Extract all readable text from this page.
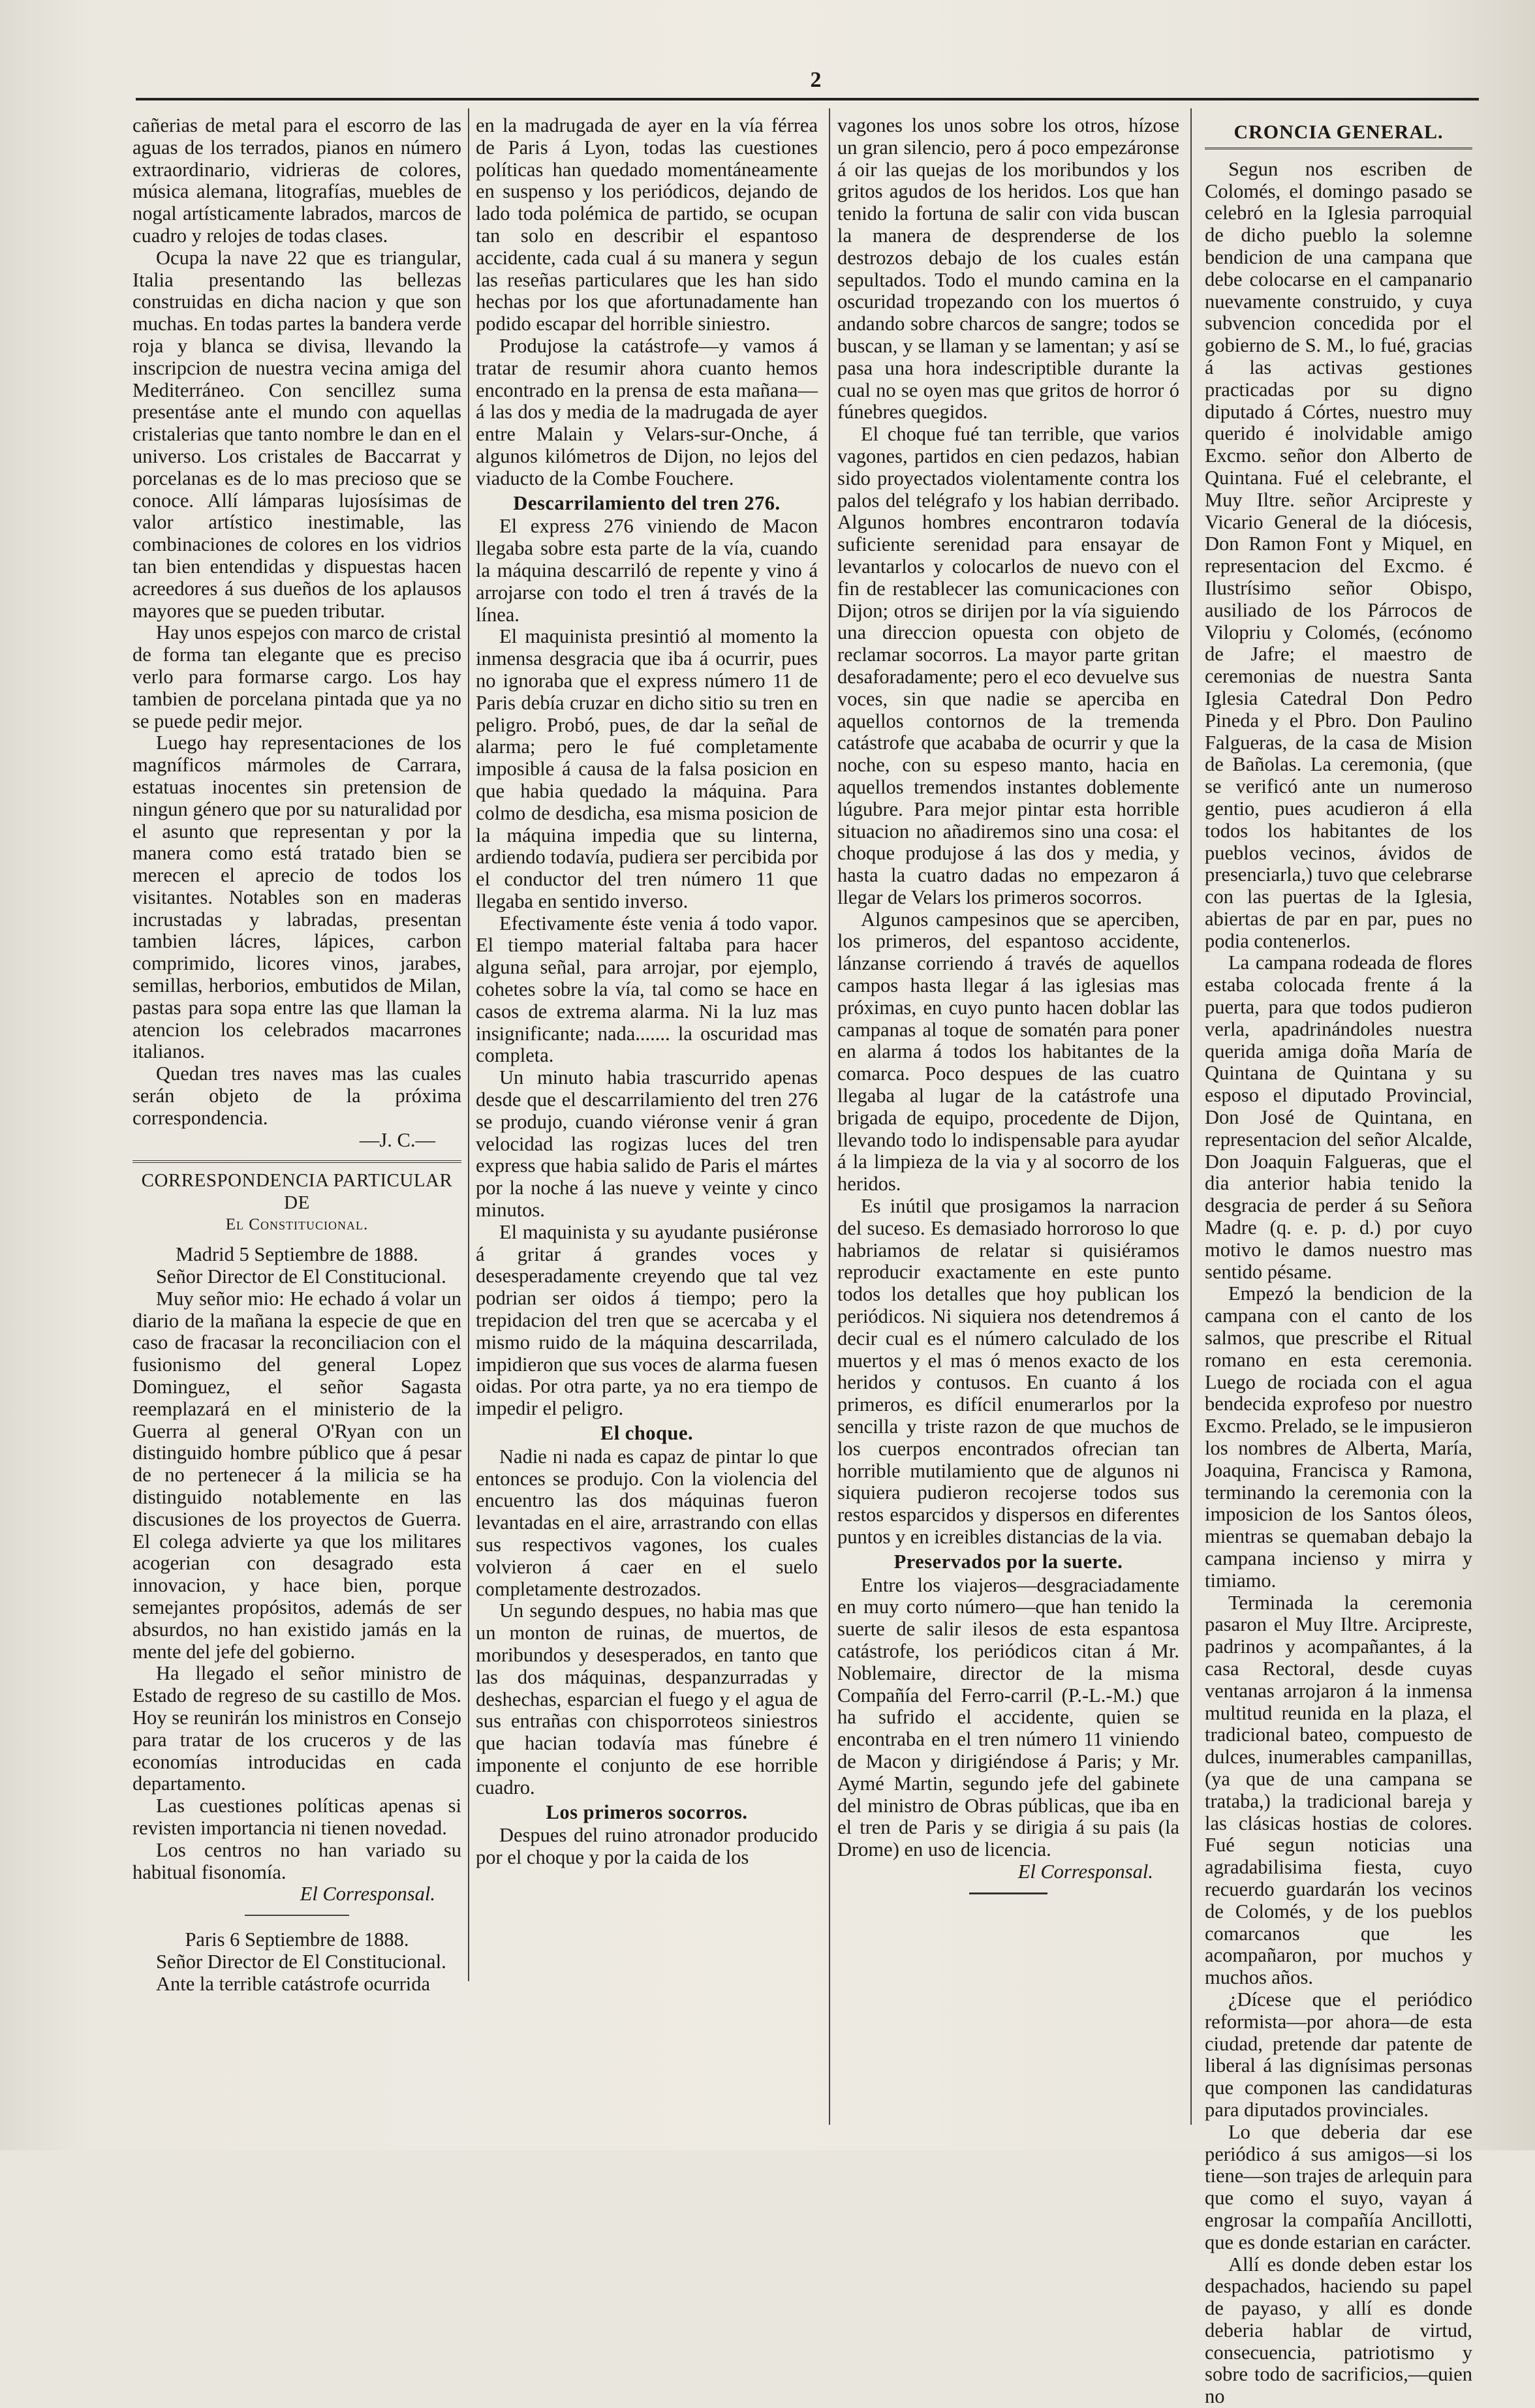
2

cañerias de metal para el escorro de las aguas de los terrados, pianos en número extraordinario, vidrieras de colores, música alemana, litografías, muebles de nogal artísticamente labrados, marcos de cuadro y relojes de todas clases.

Ocupa la nave 22 que es triangular, Italia presentando las bellezas construidas en dicha nacion y que son muchas. En todas partes la bandera verde roja y blanca se divisa, llevando la inscripcion de nuestra vecina amiga del Mediterráneo. Con sencillez suma presentáse ante el mundo con aquellas cristalerias que tanto nombre le dan en el universo. Los cristales de Baccarrat y porcelanas es de lo mas precioso que se conoce. Allí lámparas lujosísimas de valor artístico inestimable, las combinaciones de colores en los vidrios tan bien entendidas y dispuestas hacen acreedores á sus dueños de los aplausos mayores que se pueden tributar.

Hay unos espejos con marco de cristal de forma tan elegante que es preciso verlo para formarse cargo. Los hay tambien de porcelana pintada que ya no se puede pedir mejor.

Luego hay representaciones de los magníficos mármoles de Carrara, estatuas inocentes sin pretension de ningun género que por su naturalidad por el asunto que representan y por la manera como está tratado bien se merecen el aprecio de todos los visitantes. Notables son en maderas incrustadas y labradas, presentan tambien lácres, lápices, carbon comprimido, licores vinos, jarabes, semillas, herborios, embutidos de Milan, pastas para sopa entre las que llaman la atencion los celebrados macarrones italianos.

Quedan tres naves mas las cuales serán objeto de la próxima correspondencia.

—J. C.—

CORRESPONDENCIA PARTICULAR DE
El Constitucional.

Madrid 5 Septiembre de 1888.

Señor Director de El Constitucional.

Muy señor mio: He echado á volar un diario de la mañana la especie de que en caso de fracasar la reconciliacion con el fusionismo del general Lopez Dominguez, el señor Sagasta reemplazará en el ministerio de la Guerra al general O'Ryan con un distinguido hombre público que á pesar de no pertenecer á la milicia se ha distinguido notablemente en las discusiones de los proyectos de Guerra. El colega advierte ya que los militares acogerian con desagrado esta innovacion, y hace bien, porque semejantes propósitos, además de ser absurdos, no han existido jamás en la mente del jefe del gobierno.

Ha llegado el señor ministro de Estado de regreso de su castillo de Mos. Hoy se reunirán los ministros en Consejo para tratar de los cruceros y de las economías introducidas en cada departamento.

Las cuestiones políticas apenas si revisten importancia ni tienen novedad.

Los centros no han variado su habitual fisonomía.

El Corresponsal.

Paris 6 Septiembre de 1888.

Señor Director de El Constitucional.

Ante la terrible catástrofe ocurrida

en la madrugada de ayer en la vía férrea de Paris á Lyon, todas las cuestiones políticas han quedado momentáneamente en suspenso y los periódicos, dejando de lado toda polémica de partido, se ocupan tan solo en describir el espantoso accidente, cada cual á su manera y segun las reseñas particulares que les han sido hechas por los que afortunadamente han podido escapar del horrible siniestro.

Produjose la catástrofe—y vamos á tratar de resumir ahora cuanto hemos encontrado en la prensa de esta mañana—á las dos y media de la madrugada de ayer entre Malain y Velars-sur-Onche, á algunos kilómetros de Dijon, no lejos del viaducto de la Combe Fouchere.

Descarrilamiento del tren 276.

El express 276 viniendo de Macon llegaba sobre esta parte de la vía, cuando la máquina descarriló de repente y vino á arrojarse con todo el tren á través de la línea.

El maquinista presintió al momento la inmensa desgracia que iba á ocurrir, pues no ignoraba que el express número 11 de Paris debía cruzar en dicho sitio su tren en peligro. Probó, pues, de dar la señal de alarma; pero le fué completamente imposible á causa de la falsa posicion en que habia quedado la máquina. Para colmo de desdicha, esa misma posicion de la máquina impedia que su linterna, ardiendo todavía, pudiera ser percibida por el conductor del tren número 11 que llegaba en sentido inverso.

Efectivamente éste venia á todo vapor. El tiempo material faltaba para hacer alguna señal, para arrojar, por ejemplo, cohetes sobre la vía, tal como se hace en casos de extrema alarma. Ni la luz mas insignificante; nada....... la oscuridad mas completa.

Un minuto habia trascurrido apenas desde que el descarrilamiento del tren 276 se produjo, cuando viéronse venir á gran velocidad las rogizas luces del tren express que habia salido de Paris el mártes por la noche á las nueve y veinte y cinco minutos.

El maquinista y su ayudante pusiéronse á gritar á grandes voces y desesperadamente creyendo que tal vez podrian ser oidos á tiempo; pero la trepidacion del tren que se acercaba y el mismo ruido de la máquina descarrilada, impidieron que sus voces de alarma fuesen oidas. Por otra parte, ya no era tiempo de impedir el peligro.

El choque.

Nadie ni nada es capaz de pintar lo que entonces se produjo. Con la violencia del encuentro las dos máquinas fueron levantadas en el aire, arrastrando con ellas sus respectivos vagones, los cuales volvieron á caer en el suelo completamente destrozados.

Un segundo despues, no habia mas que un monton de ruinas, de muertos, de moribundos y desesperados, en tanto que las dos máquinas, despanzurradas y deshechas, esparcian el fuego y el agua de sus entrañas con chisporroteos siniestros que hacian todavía mas fúnebre é imponente el conjunto de ese horrible cuadro.

Los primeros socorros.

Despues del ruino atronador producido por el choque y por la caida de los

vagones los unos sobre los otros, hízose un gran silencio, pero á poco empezáronse á oir las quejas de los moribundos y los gritos agudos de los heridos. Los que han tenido la fortuna de salir con vida buscan la manera de desprenderse de los destrozos debajo de los cuales están sepultados. Todo el mundo camina en la oscuridad tropezando con los muertos ó andando sobre charcos de sangre; todos se buscan, y se llaman y se lamentan; y así se pasa una hora indescriptible durante la cual no se oyen mas que gritos de horror ó fúnebres quegidos.

El choque fué tan terrible, que varios vagones, partidos en cien pedazos, habian sido proyectados violentamente contra los palos del telégrafo y los habian derribado. Algunos hombres encontraron todavía suficiente serenidad para ensayar de levantarlos y colocarlos de nuevo con el fin de restablecer las comunicaciones con Dijon; otros se dirijen por la vía siguiendo una direccion opuesta con objeto de reclamar socorros. La mayor parte gritan desaforadamente; pero el eco devuelve sus voces, sin que nadie se aperciba en aquellos contornos de la tremenda catástrofe que acababa de ocurrir y que la noche, con su espeso manto, hacia en aquellos tremendos instantes doblemente lúgubre. Para mejor pintar esta horrible situacion no añadiremos sino una cosa: el choque produjose á las dos y media, y hasta la cuatro dadas no empezaron á llegar de Velars los primeros socorros.

Algunos campesinos que se aperciben, los primeros, del espantoso accidente, lánzanse corriendo á través de aquellos campos hasta llegar á las iglesias mas próximas, en cuyo punto hacen doblar las campanas al toque de somatén para poner en alarma á todos los habitantes de la comarca. Poco despues de las cuatro llegaba al lugar de la catástrofe una brigada de equipo, procedente de Dijon, llevando todo lo indispensable para ayudar á la limpieza de la via y al socorro de los heridos.

Es inútil que prosigamos la narracion del suceso. Es demasiado horroroso lo que habriamos de relatar si quisiéramos reproducir exactamente en este punto todos los detalles que hoy publican los periódicos. Ni siquiera nos detendremos á decir cual es el número calculado de los muertos y el mas ó menos exacto de los heridos y contusos. En cuanto á los primeros, es difícil enumerarlos por la sencilla y triste razon de que muchos de los cuerpos encontrados ofrecian tan horrible mutilamiento que de algunos ni siquiera pudieron recojerse todos sus restos esparcidos y dispersos en diferentes puntos y en icreibles distancias de la via.

Preservados por la suerte.

Entre los viajeros—desgraciadamente en muy corto número—que han tenido la suerte de salir ilesos de esta espantosa catástrofe, los periódicos citan á Mr. Noblemaire, director de la misma Compañía del Ferro-carril (P.-L.-M.) que ha sufrido el accidente, quien se encontraba en el tren número 11 viniendo de Macon y dirigiéndose á Paris; y Mr. Aymé Martin, segundo jefe del gabinete del ministro de Obras públicas, que iba en el tren de Paris y se dirigia á su pais (la Drome) en uso de licencia.

El Corresponsal.

CRONCIA GENERAL.

Segun nos escriben de Colomés, el domingo pasado se celebró en la Iglesia parroquial de dicho pueblo la solemne bendicion de una campana que debe colocarse en el campanario nuevamente construido, y cuya subvencion concedida por el gobierno de S. M., lo fué, gracias á las activas gestiones practicadas por su digno diputado á Córtes, nuestro muy querido é inolvidable amigo Excmo. señor don Alberto de Quintana. Fué el celebrante, el Muy Iltre. señor Arcipreste y Vicario General de la diócesis, Don Ramon Font y Miquel, en representacion del Excmo. é Ilustrísimo señor Obispo, ausiliado de los Párrocos de Vilopriu y Colomés, (ecónomo de Jafre; el maestro de ceremonias de nuestra Santa Iglesia Catedral Don Pedro Pineda y el Pbro. Don Paulino Falgueras, de la casa de Mision de Bañolas. La ceremonia, (que se verificó ante un numeroso gentio, pues acudieron á ella todos los habitantes de los pueblos vecinos, ávidos de presenciarla,) tuvo que celebrarse con las puertas de la Iglesia, abiertas de par en par, pues no podia contenerlos.

La campana rodeada de flores estaba colocada frente á la puerta, para que todos pudieron verla, apadrinándoles nuestra querida amiga doña María de Quintana de Quintana y su esposo el diputado Provincial, Don José de Quintana, en representacion del señor Alcalde, Don Joaquin Falgueras, que el dia anterior habia tenido la desgracia de perder á su Señora Madre (q. e. p. d.) por cuyo motivo le damos nuestro mas sentido pésame.

Empezó la bendicion de la campana con el canto de los salmos, que prescribe el Ritual romano en esta ceremonia. Luego de rociada con el agua bendecida exprofeso por nuestro Excmo. Prelado, se le impusieron los nombres de Alberta, María, Joaquina, Francisca y Ramona, terminando la ceremonia con la imposicion de los Santos óleos, mientras se quemaban debajo la campana incienso y mirra y timiamo.

Terminada la ceremonia pasaron el Muy Iltre. Arcipreste, padrinos y acompañantes, á la casa Rectoral, desde cuyas ventanas arrojaron á la inmensa multitud reunida en la plaza, el tradicional bateo, compuesto de dulces, inumerables campanillas, (ya que de una campana se trataba,) la tradicional bareja y las clásicas hostias de colores. Fué segun noticias una agradabilisima fiesta, cuyo recuerdo guardarán los vecinos de Colomés, y de los pueblos comarcanos que les acompañaron, por muchos y muchos años.

¿Dícese que el periódico reformista—por ahora—de esta ciudad, pretende dar patente de liberal á las dignísimas personas que componen las candidaturas para diputados provinciales.

Lo que deberia dar ese periódico á sus amigos—si los tiene—son trajes de arlequin para que como el suyo, vayan á engrosar la compañía Ancillotti, que es donde estarian en carácter.

Allí es donde deben estar los despachados, haciendo su papel de payaso, y allí es donde deberia hablar de virtud, consecuencia, patriotismo y sobre todo de sacrificios,—quien no
